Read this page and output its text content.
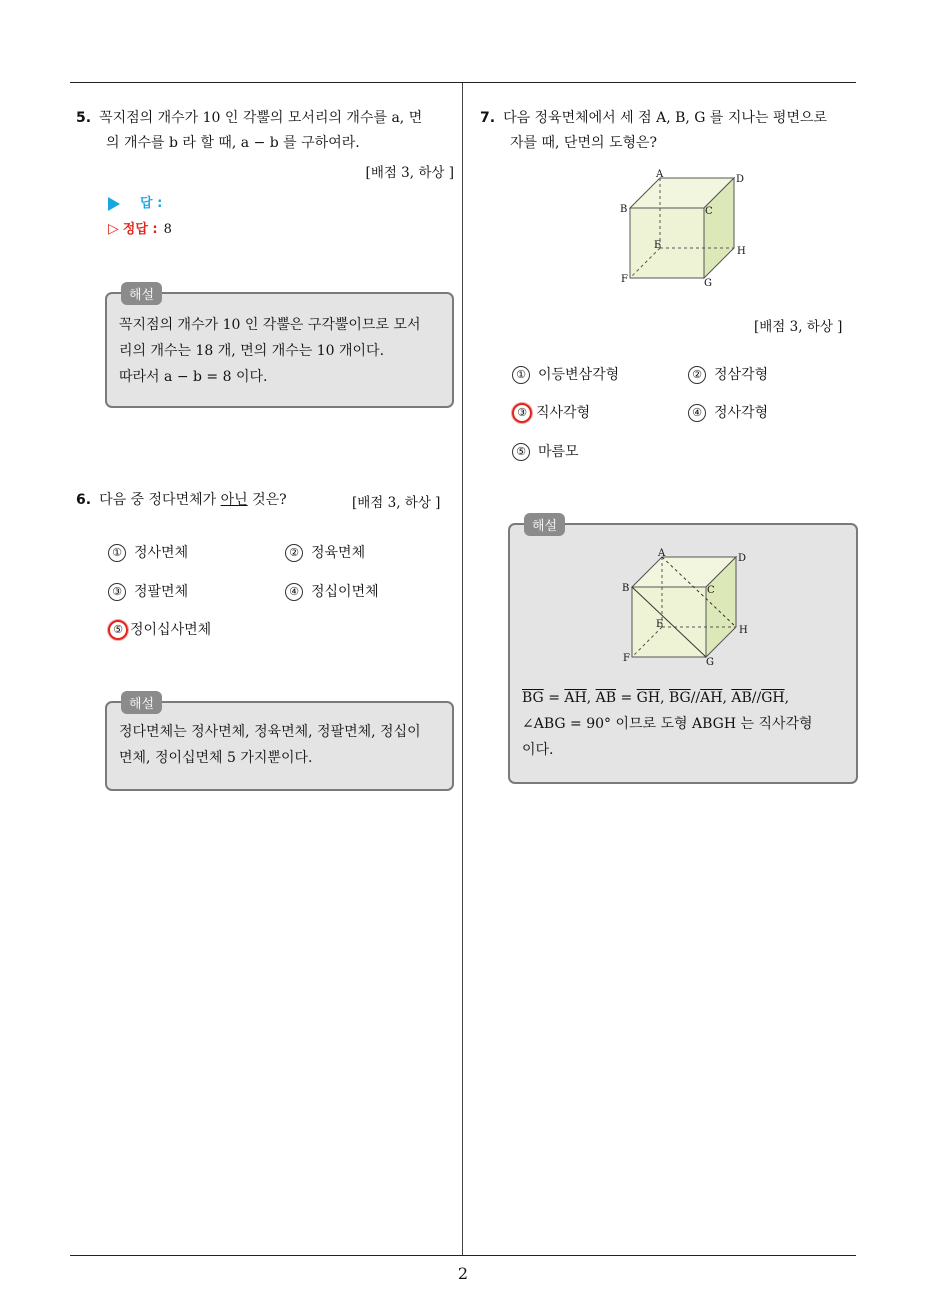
2
5. 꼭지점의 개수가 10 인 각뿔의 모서리의 개수를 a, 면
의 개수를 b 라 할 때, a − b 를 구하여라.
[배점 3, 하상 ]
답 :
▷ 정답 : 8
해설
꼭지점의 개수가 10 인 각뿔은 구각뿔이므로 모서
리의 개수는 18 개, 면의 개수는 10 개이다.
따라서 a − b = 8 이다.
6. 다음 중 정다면체가 아닌 것은?	[배점 3, 하상 ]
① 정사면체	② 정육면체
③ 정팔면체	④ 정십이면체
⑤ 정이십사면체
해설
정다면체는 정사면체, 정육면체, 정팔면체, 정십이
면체, 정이십면체 5 가지뿐이다.
7. 다음 정육면체에서 세 점 A, B, G 를 지나는 평면으로
자를 때, 단면의 도형은?
A
B	C
D
E
F	G
H
[배점 3, 하상 ]
① 이등변삼각형	② 정삼각형
③ 직사각형	④ 정사각형
⑤ 마름모
해설
A
B	C
D
E
F	G
H
$\overline{BG} = \overline{AH}$, $\overline{AB} = \overline{GH}$, $\overline{BG}//\overline{AH}$, $\overline{AB}//\overline{GH}$,
∠ABG = 90° 이므로 도형 ABGH 는 직사각형
이다.
